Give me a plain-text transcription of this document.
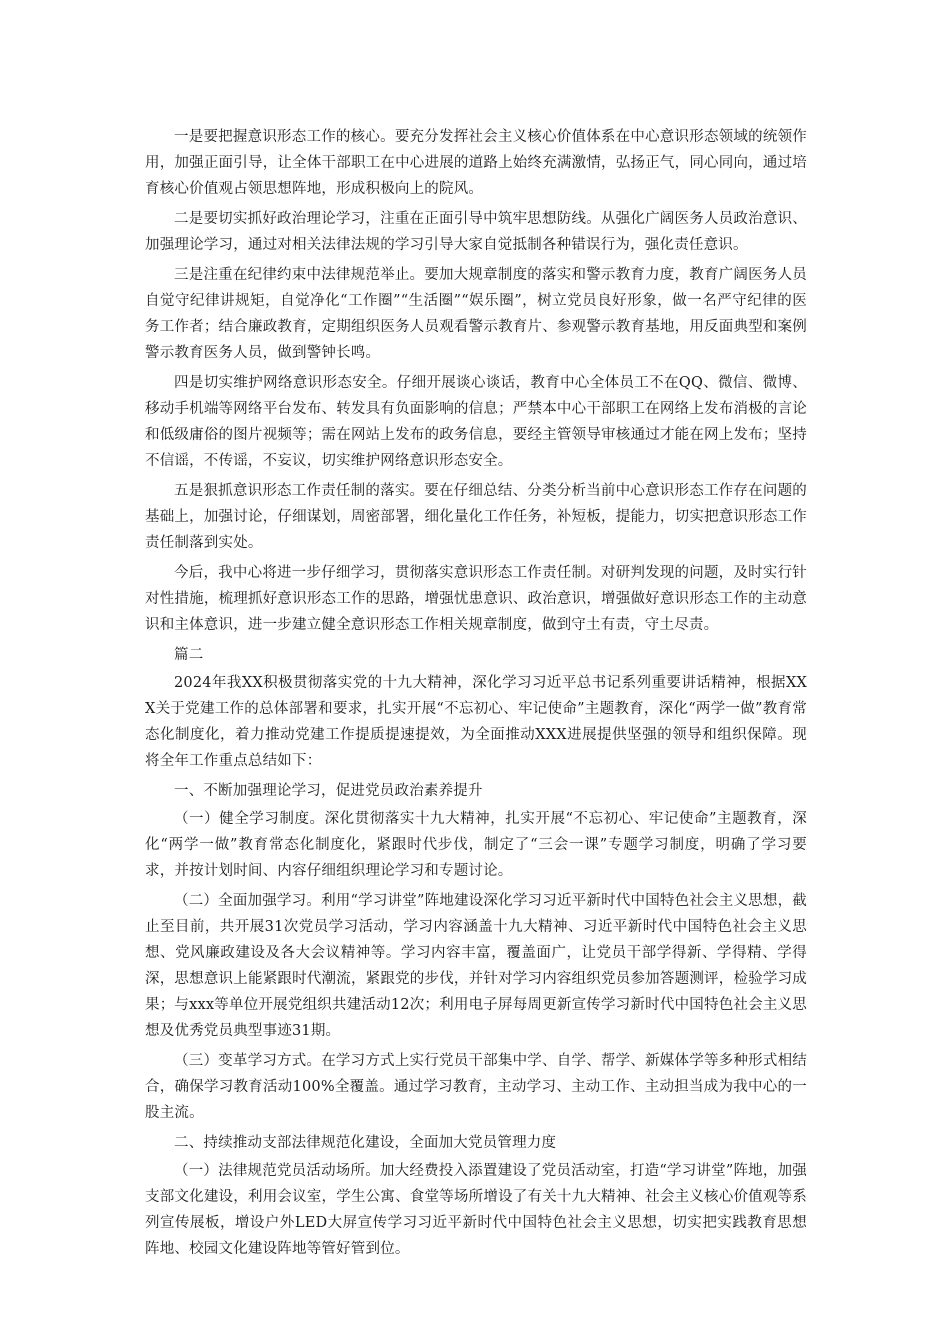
一是要把握意识形态工作的核心。要充分发挥社会主义核心价值体系在中心意识形态领域的统领作用，加强正面引导，让全体干部职工在中心进展的道路上始终充满激情，弘扬正气，同心同向，通过培育核心价值观占领思想阵地，形成积极向上的院风。

二是要切实抓好政治理论学习，注重在正面引导中筑牢思想防线。从强化广阔医务人员政治意识、加强理论学习，通过对相关法律法规的学习引导大家自觉抵制各种错误行为，强化责任意识。

三是注重在纪律约束中法律规范举止。要加大规章制度的落实和警示教育力度，教育广阔医务人员自觉守纪律讲规矩，自觉净化“工作圈”“生活圈”“娱乐圈”，树立党员良好形象，做一名严守纪律的医务工作者；结合廉政教育，定期组织医务人员观看警示教育片、参观警示教育基地，用反面典型和案例警示教育医务人员，做到警钟长鸣。

四是切实维护网络意识形态安全。仔细开展谈心谈话，教育中心全体员工不在QQ、微信、微博、移动手机端等网络平台发布、转发具有负面影响的信息；严禁本中心干部职工在网络上发布消极的言论和低级庸俗的图片视频等；需在网站上发布的政务信息，要经主管领导审核通过才能在网上发布；坚持不信谣，不传谣，不妄议，切实维护网络意识形态安全。

五是狠抓意识形态工作责任制的落实。要在仔细总结、分类分析当前中心意识形态工作存在问题的基础上，加强讨论，仔细谋划，周密部署，细化量化工作任务，补短板，提能力，切实把意识形态工作责任制落到实处。

今后，我中心将进一步仔细学习，贯彻落实意识形态工作责任制。对研判发现的问题，及时实行针对性措施，梳理抓好意识形态工作的思路，增强忧患意识、政治意识，增强做好意识形态工作的主动意识和主体意识，进一步建立健全意识形态工作相关规章制度，做到守土有责，守土尽责。

篇二

2024年我XX积极贯彻落实党的十九大精神，深化学习习近平总书记系列重要讲话精神，根据XXX关于党建工作的总体部署和要求，扎实开展“不忘初心、牢记使命”主题教育，深化“两学一做”教育常态化制度化，着力推动党建工作提质提速提效，为全面推动XXX进展提供坚强的领导和组织保障。现将全年工作重点总结如下：

一、不断加强理论学习，促进党员政治素养提升

（一）健全学习制度。深化贯彻落实十九大精神，扎实开展“不忘初心、牢记使命”主题教育，深化“两学一做”教育常态化制度化，紧跟时代步伐，制定了“三会一课”专题学习制度，明确了学习要求，并按计划时间、内容仔细组织理论学习和专题讨论。

（二）全面加强学习。利用“学习讲堂”阵地建设深化学习习近平新时代中国特色社会主义思想，截止至目前，共开展31次党员学习活动，学习内容涵盖十九大精神、习近平新时代中国特色社会主义思想、党风廉政建设及各大会议精神等。学习内容丰富，覆盖面广，让党员干部学得新、学得精、学得深，思想意识上能紧跟时代潮流，紧跟党的步伐，并针对学习内容组织党员参加答题测评，检验学习成果；与xxx等单位开展党组织共建活动12次；利用电子屏每周更新宣传学习新时代中国特色社会主义思想及优秀党员典型事迹31期。

（三）变革学习方式。在学习方式上实行党员干部集中学、自学、帮学、新媒体学等多种形式相结合，确保学习教育活动100%全覆盖。通过学习教育，主动学习、主动工作、主动担当成为我中心的一股主流。

二、持续推动支部法律规范化建设，全面加大党员管理力度

（一）法律规范党员活动场所。加大经费投入添置建设了党员活动室，打造“学习讲堂”阵地，加强支部文化建设，利用会议室，学生公寓、食堂等场所增设了有关十九大精神、社会主义核心价值观等系列宣传展板，增设户外LED大屏宣传学习习近平新时代中国特色社会主义思想，切实把实践教育思想阵地、校园文化建设阵地等管好管到位。
